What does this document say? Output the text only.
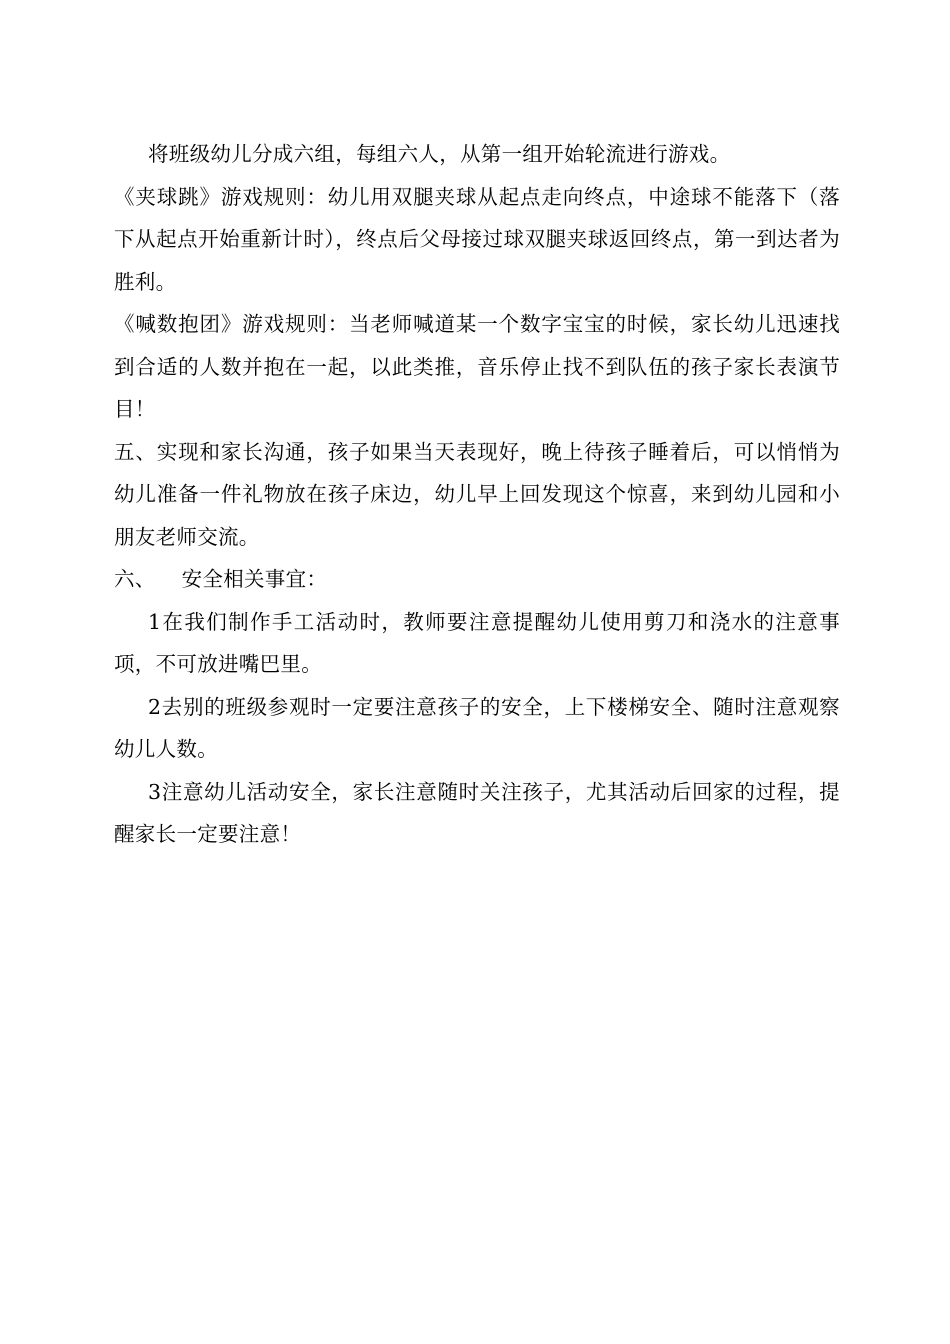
将班级幼儿分成六组，每组六人，从第一组开始轮流进行游戏。

《夹球跳》游戏规则：幼儿用双腿夹球从起点走向终点，中途球不能落下（落下从起点开始重新计时），终点后父母接过球双腿夹球返回终点，第一到达者为胜利。

《喊数抱团》游戏规则：当老师喊道某一个数字宝宝的时候，家长幼儿迅速找到合适的人数并抱在一起，以此类推，音乐停止找不到队伍的孩子家长表演节目！

五、实现和家长沟通，孩子如果当天表现好，晚上待孩子睡着后，可以悄悄为幼儿准备一件礼物放在孩子床边，幼儿早上回发现这个惊喜，来到幼儿园和小朋友老师交流。

六、 安全相关事宜：

1在我们制作手工活动时，教师要注意提醒幼儿使用剪刀和浇水的注意事项，不可放进嘴巴里。

2去别的班级参观时一定要注意孩子的安全，上下楼梯安全、随时注意观察幼儿人数。

3注意幼儿活动安全，家长注意随时关注孩子，尤其活动后回家的过程，提醒家长一定要注意！
